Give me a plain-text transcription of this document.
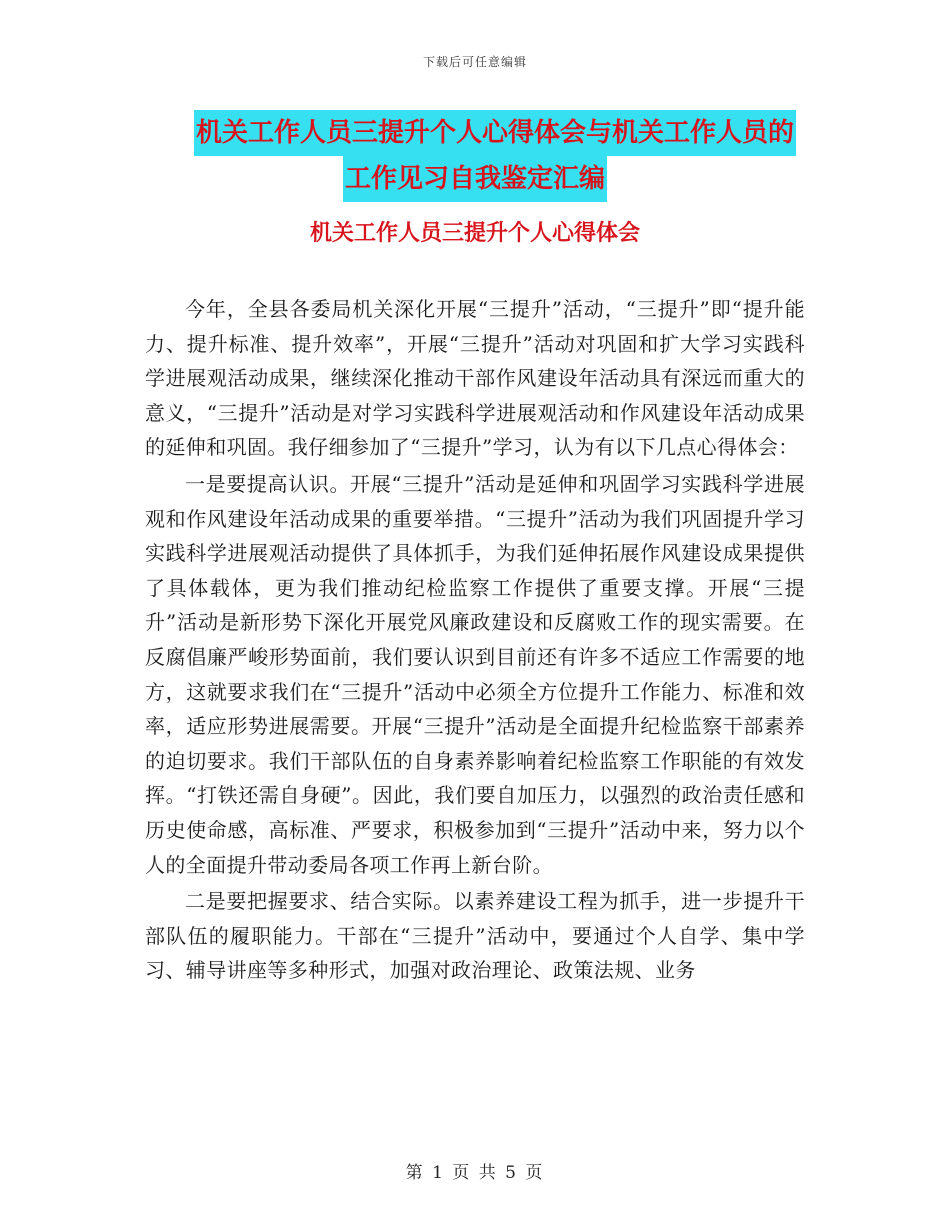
下载后可任意编辑
机关工作人员三提升个人心得体会与机关工作人员的
工作见习自我鉴定汇编
机关工作人员三提升个人心得体会

今年，全县各委局机关深化开展“三提升”活动，“三提升”即“提升能力、提升标准、提升效率”，开展“三提升”活动对巩固和扩大学习实践科学进展观活动成果，继续深化推动干部作风建设年活动具有深远而重大的意义，“三提升”活动是对学习实践科学进展观活动和作风建设年活动成果的延伸和巩固。我仔细参加了“三提升”学习，认为有以下几点心得体会：

一是要提高认识。开展“三提升”活动是延伸和巩固学习实践科学进展观和作风建设年活动成果的重要举措。“三提升”活动为我们巩固提升学习实践科学进展观活动提供了具体抓手，为我们延伸拓展作风建设成果提供了具体载体，更为我们推动纪检监察工作提供了重要支撑。开展“三提升”活动是新形势下深化开展党风廉政建设和反腐败工作的现实需要。在反腐倡廉严峻形势面前，我们要认识到目前还有许多不适应工作需要的地方，这就要求我们在“三提升”活动中必须全方位提升工作能力、标准和效率，适应形势进展需要。开展“三提升”活动是全面提升纪检监察干部素养的迫切要求。我们干部队伍的自身素养影响着纪检监察工作职能的有效发挥。“打铁还需自身硬”。因此，我们要自加压力，以强烈的政治责任感和历史使命感，高标准、严要求，积极参加到“三提升”活动中来，努力以个人的全面提升带动委局各项工作再上新台阶。

二是要把握要求、结合实际。以素养建设工程为抓手，进一步提升干部队伍的履职能力。干部在“三提升”活动中，要通过个人自学、集中学习、辅导讲座等多种形式，加强对政治理论、政策法规、业务

第 1 页 共 5 页
